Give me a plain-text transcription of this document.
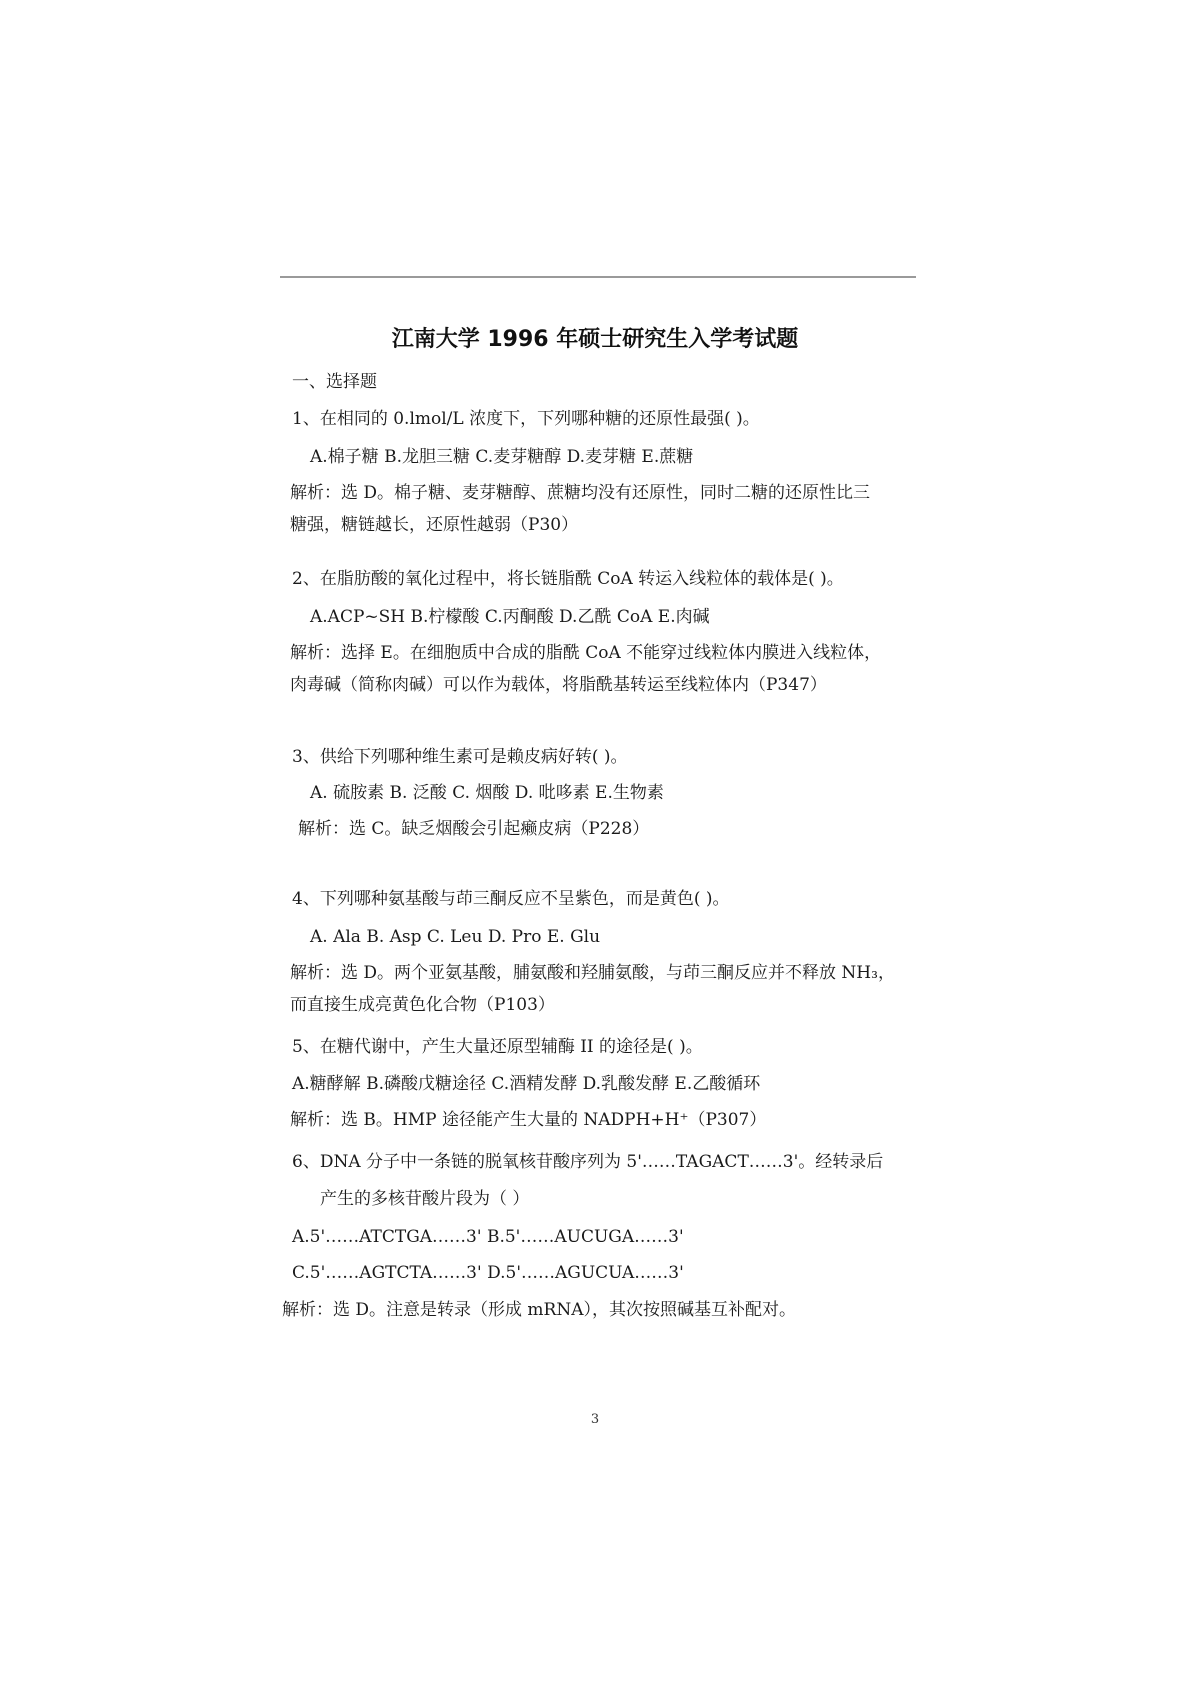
江南大学 1996 年硕士研究生入学考试题
一、选择题
1、在相同的 0.lmol/L 浓度下，下列哪种糖的还原性最强( )。
A.棉子糖 B.龙胆三糖 C.麦芽糖醇 D.麦芽糖 E.蔗糖
解析：选 D。棉子糖、麦芽糖醇、蔗糖均没有还原性，同时二糖的还原性比三
糖强，糖链越长，还原性越弱（P30）
2、在脂肪酸的氧化过程中，将长链脂酰 CoA 转运入线粒体的载体是( )。
A.ACP~SH B.柠檬酸 C.丙酮酸 D.乙酰 CoA E.肉碱
解析：选择 E。在细胞质中合成的脂酰 CoA 不能穿过线粒体内膜进入线粒体，
肉毒碱（简称肉碱）可以作为载体，将脂酰基转运至线粒体内（P347）
3、供给下列哪种维生素可是赖皮病好转( )。
A. 硫胺素 B. 泛酸 C. 烟酸 D. 吡哆素 E.生物素
解析：选 C。缺乏烟酸会引起癞皮病（P228）
4、下列哪种氨基酸与茚三酮反应不呈紫色，而是黄色( )。
A. Ala B. Asp C. Leu D. Pro E. Glu
解析：选 D。两个亚氨基酸，脯氨酸和羟脯氨酸，与茚三酮反应并不释放 NH₃，
而直接生成亮黄色化合物（P103）
5、在糖代谢中，产生大量还原型辅酶 II 的途径是( )。
A.糖酵解 B.磷酸戊糖途径 C.酒精发酵 D.乳酸发酵 E.乙酸循环
解析：选 B。HMP 途径能产生大量的 NADPH+H⁺（P307）
6、DNA 分子中一条链的脱氧核苷酸序列为 5'……TAGACT……3'。经转录后
产生的多核苷酸片段为（ ）
A.5'……ATCTGA……3' B.5'……AUCUGA……3'
C.5'……AGTCTA……3' D.5'……AGUCUA……3'
解析：选 D。注意是转录（形成 mRNA），其次按照碱基互补配对。
3
